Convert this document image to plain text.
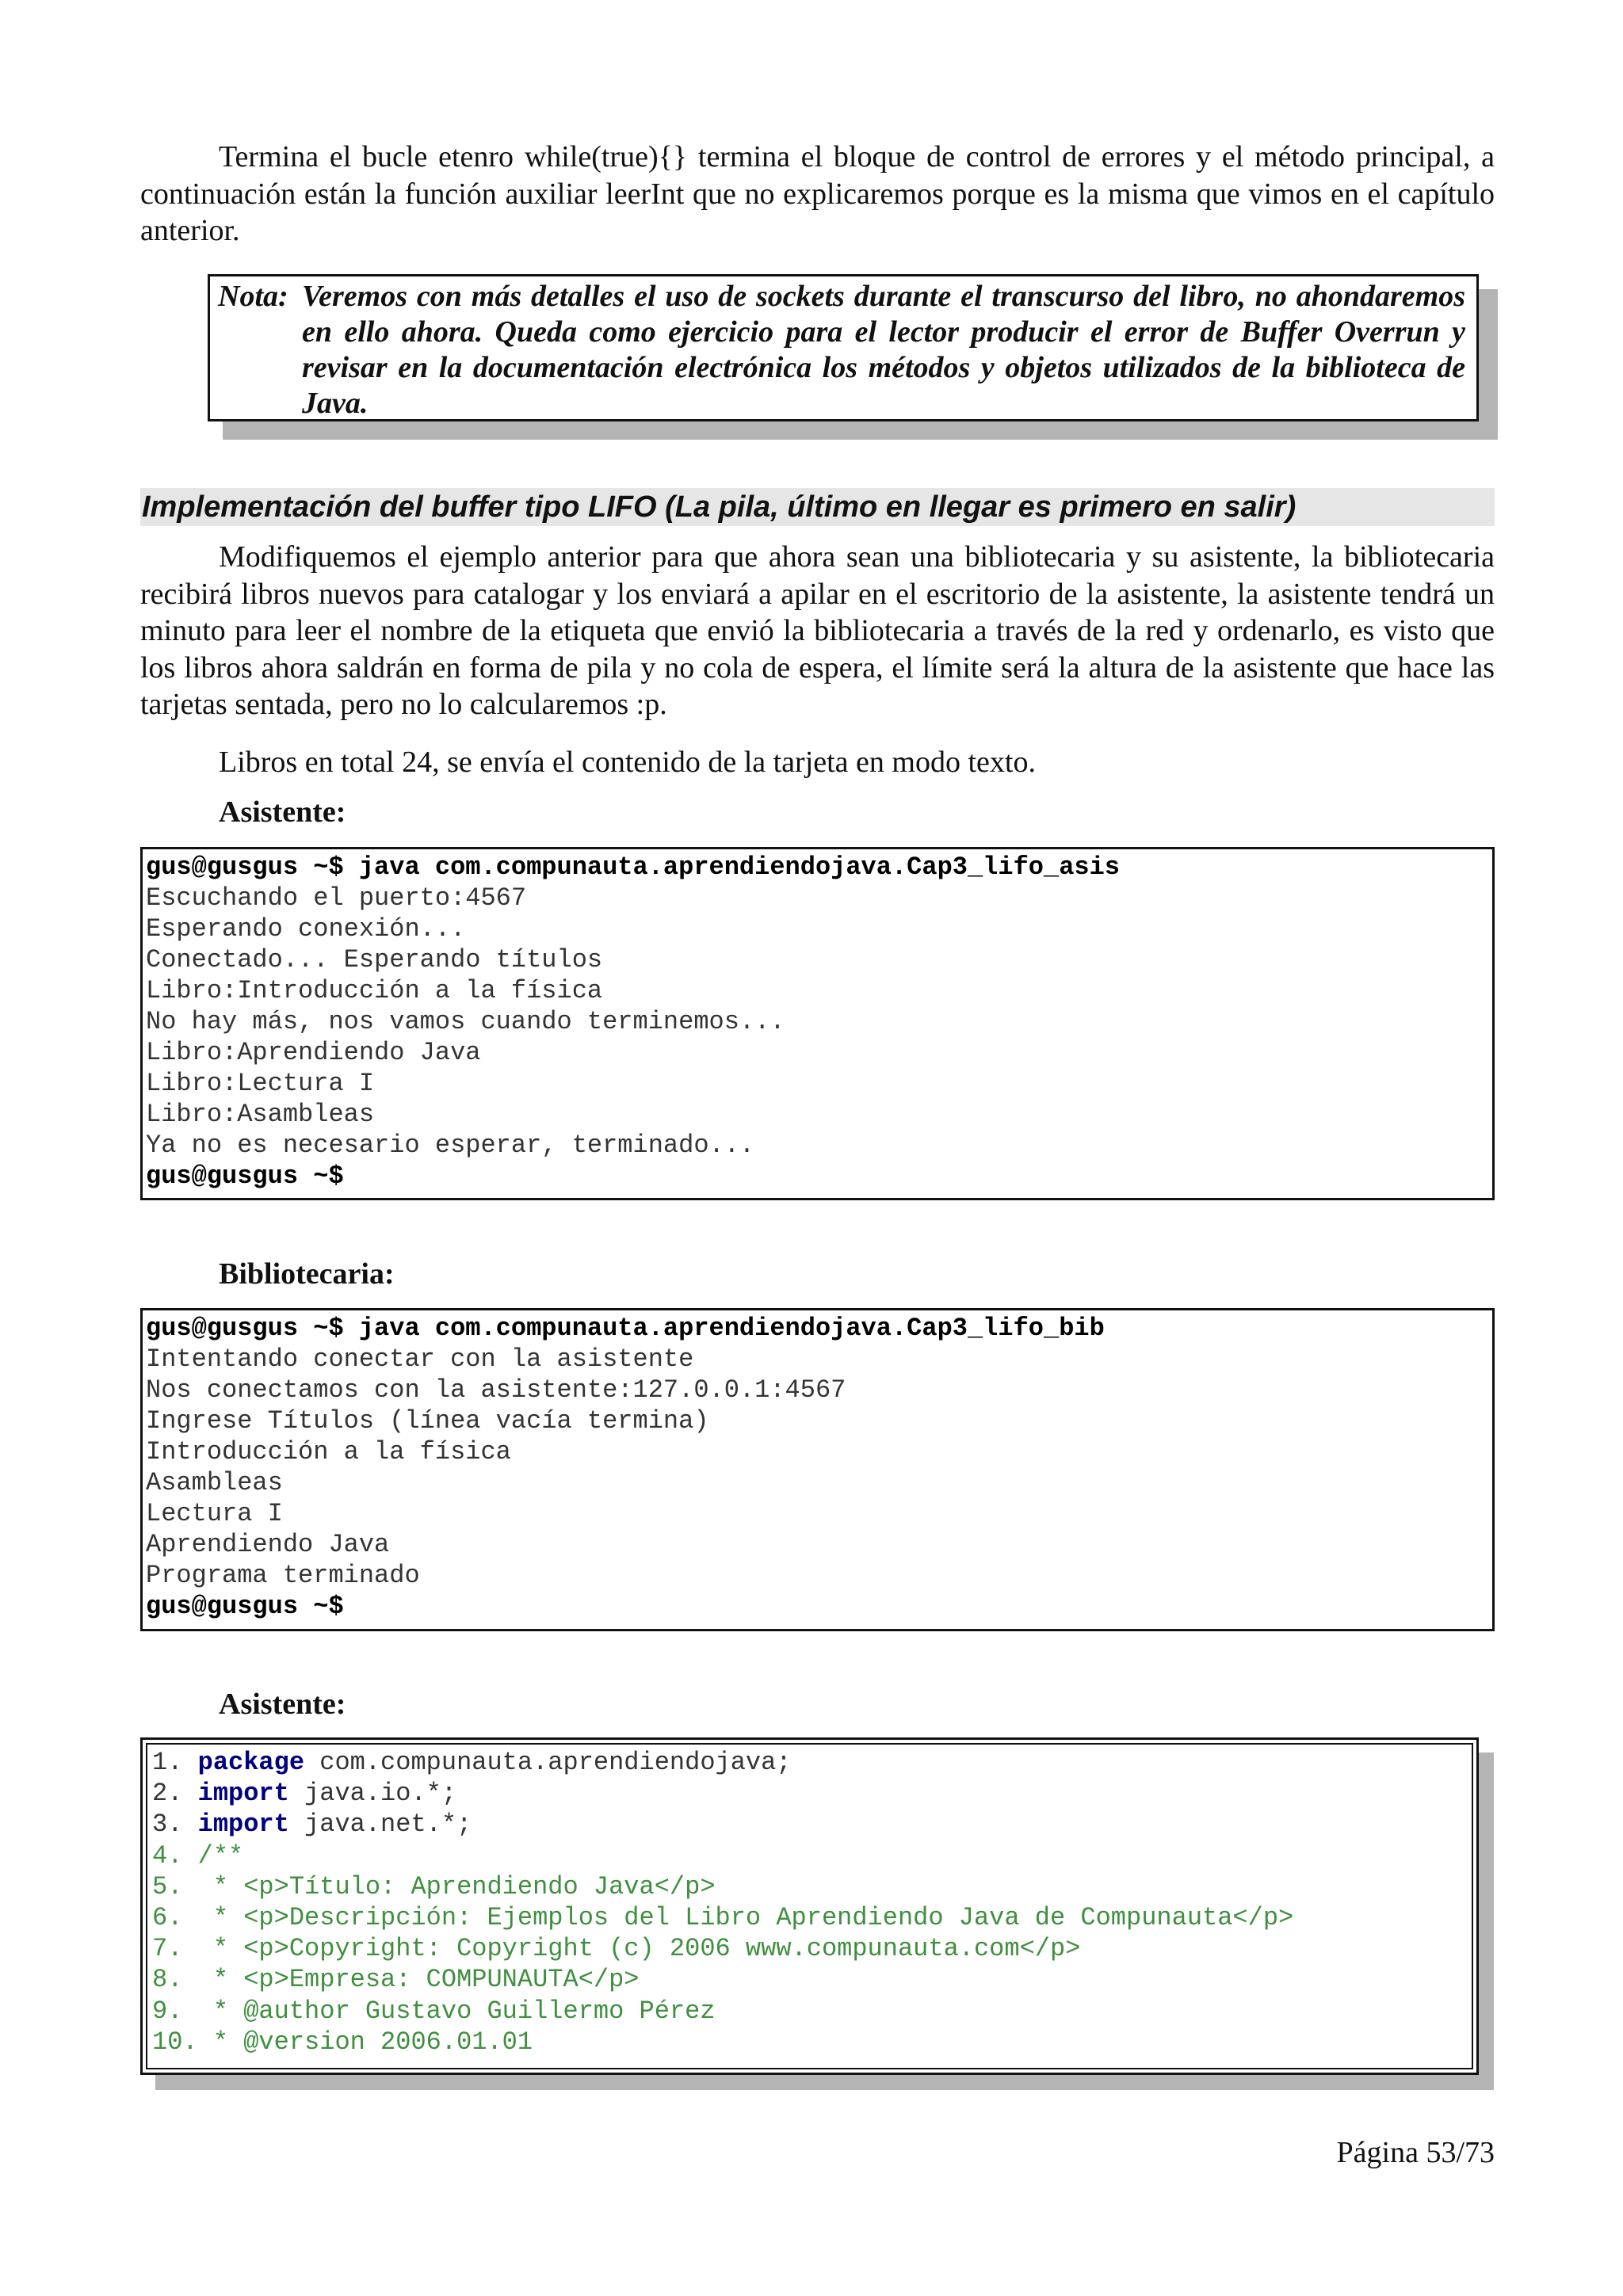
Termina el bucle etenro while(true){} termina el bloque de control de errores y el método principal, a continuación están la función auxiliar leerInt que no explicaremos porque es la misma que vimos en el capítulo anterior.

Nota: Veremos con más detalles el uso de sockets durante el transcurso del libro, no ahondaremos en ello ahora. Queda como ejercicio para el lector producir el error de Buffer Overrun y revisar en la documentación electrónica los métodos y objetos utilizados de la biblioteca de Java.
Implementación del buffer tipo LIFO (La pila, último en llegar es primero en salir)

Modifiquemos el ejemplo anterior para que ahora sean una bibliotecaria y su asistente, la bibliotecaria recibirá libros nuevos para catalogar y los enviará a apilar en el escritorio de la asistente, la asistente tendrá un minuto para leer el nombre de la etiqueta que envió la bibliotecaria a través de la red y ordenarlo, es visto que los libros ahora saldrán en forma de pila y no cola de espera, el límite será la altura de la asistente que hace las tarjetas sentada, pero no lo calcularemos :p.

Libros en total 24, se envía el contenido de la tarjeta en modo texto.

Asistente:
gus@gusgus ~$ java com.compunauta.aprendiendojava.Cap3_lifo_asis
Escuchando el puerto:4567
Esperando conexión...
Conectado... Esperando títulos
Libro:Introducción a la física
No hay más, nos vamos cuando terminemos...
Libro:Aprendiendo Java
Libro:Lectura I
Libro:Asambleas
Ya no es necesario esperar, terminado...
gus@gusgus ~$
Bibliotecaria:
gus@gusgus ~$ java com.compunauta.aprendiendojava.Cap3_lifo_bib
Intentando conectar con la asistente
Nos conectamos con la asistente:127.0.0.1:4567
Ingrese Títulos (línea vacía termina)
Introducción a la física
Asambleas
Lectura I
Aprendiendo Java
Programa terminado
gus@gusgus ~$
Asistente:
1. package com.compunauta.aprendiendojava;
2. import java.io.*;
3. import java.net.*;
4. /**
5.  * <p>Título: Aprendiendo Java</p>
6.  * <p>Descripción: Ejemplos del Libro Aprendiendo Java de Compunauta</p>
7.  * <p>Copyright: Copyright (c) 2006 www.compunauta.com</p>
8.  * <p>Empresa: COMPUNAUTA</p>
9.  * @author Gustavo Guillermo Pérez
10. * @version 2006.01.01
Página 53/73
